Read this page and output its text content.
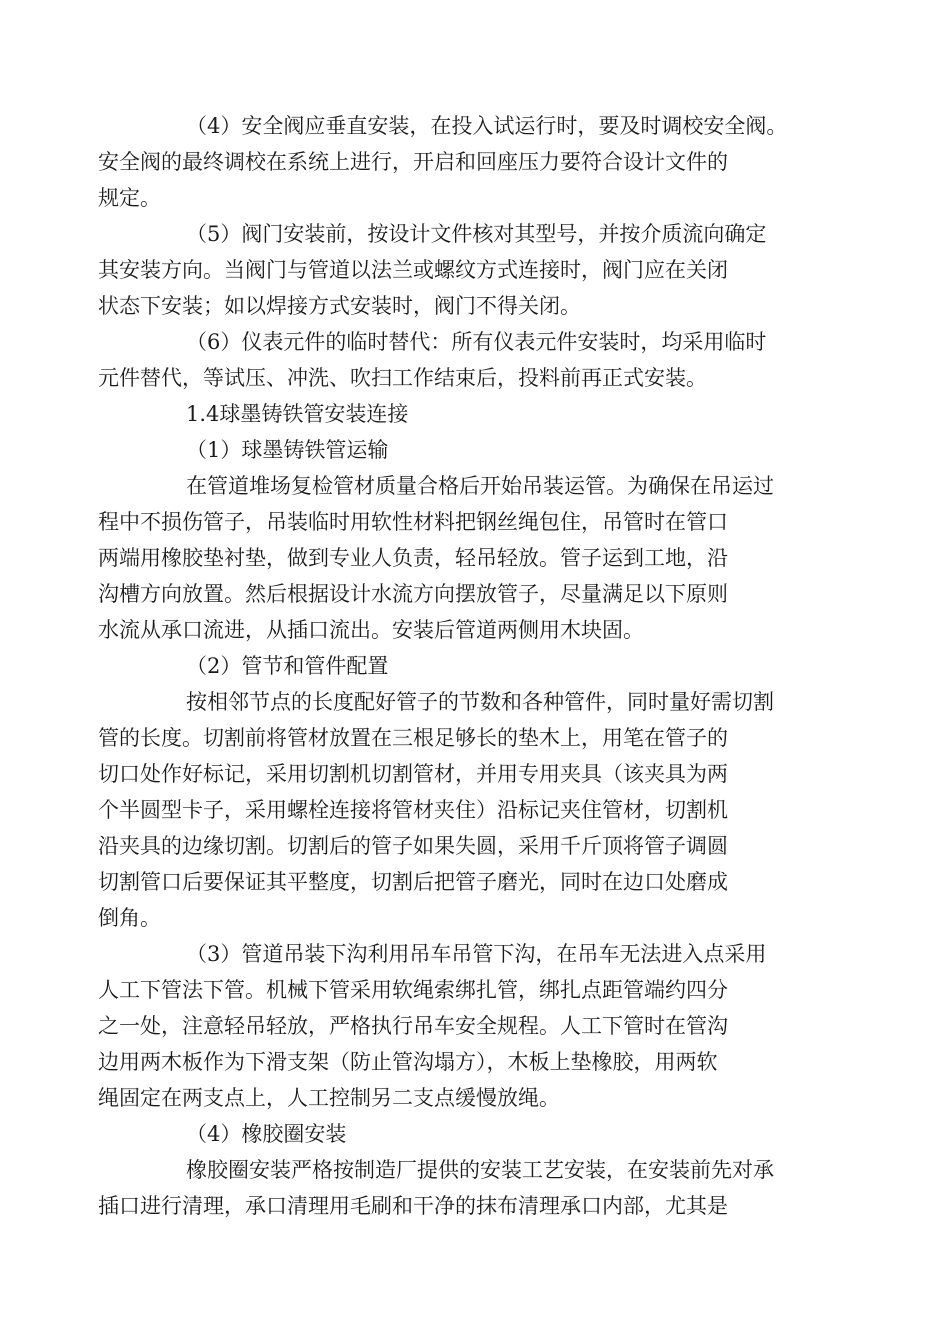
（4）安全阀应垂直安装，在投入试运行时，要及时调校安全阀。
安全阀的最终调校在系统上进行，开启和回座压力要符合设计文件的
规定。

（5）阀门安装前，按设计文件核对其型号，并按介质流向确定
其安装方向。当阀门与管道以法兰或螺纹方式连接时，阀门应在关闭
状态下安装；如以焊接方式安装时，阀门不得关闭。

（6）仪表元件的临时替代：所有仪表元件安装时，均采用临时
元件替代，等试压、冲洗、吹扫工作结束后，投料前再正式安装。

1.4球墨铸铁管安装连接

（1）球墨铸铁管运输

在管道堆场复检管材质量合格后开始吊装运管。为确保在吊运过
程中不损伤管子，吊装临时用软性材料把钢丝绳包住，吊管时在管口
两端用橡胶垫衬垫，做到专业人负责，轻吊轻放。管子运到工地，沿
沟槽方向放置。然后根据设计水流方向摆放管子，尽量满足以下原则
水流从承口流进，从插口流出。安装后管道两侧用木块固。

（2）管节和管件配置

按相邻节点的长度配好管子的节数和各种管件，同时量好需切割
管的长度。切割前将管材放置在三根足够长的垫木上，用笔在管子的
切口处作好标记，采用切割机切割管材，并用专用夹具（该夹具为两
个半圆型卡子，采用螺栓连接将管材夹住）沿标记夹住管材，切割机
沿夹具的边缘切割。切割后的管子如果失圆，采用千斤顶将管子调圆
切割管口后要保证其平整度，切割后把管子磨光，同时在边口处磨成
倒角。

（3）管道吊装下沟利用吊车吊管下沟，在吊车无法进入点采用
人工下管法下管。机械下管采用软绳索绑扎管，绑扎点距管端约四分
之一处，注意轻吊轻放，严格执行吊车安全规程。人工下管时在管沟
边用两木板作为下滑支架（防止管沟塌方），木板上垫橡胶，用两软
绳固定在两支点上，人工控制另二支点缓慢放绳。

（4）橡胶圈安装

橡胶圈安装严格按制造厂提供的安装工艺安装，在安装前先对承
插口进行清理，承口清理用毛刷和干净的抹布清理承口内部，尤其是
